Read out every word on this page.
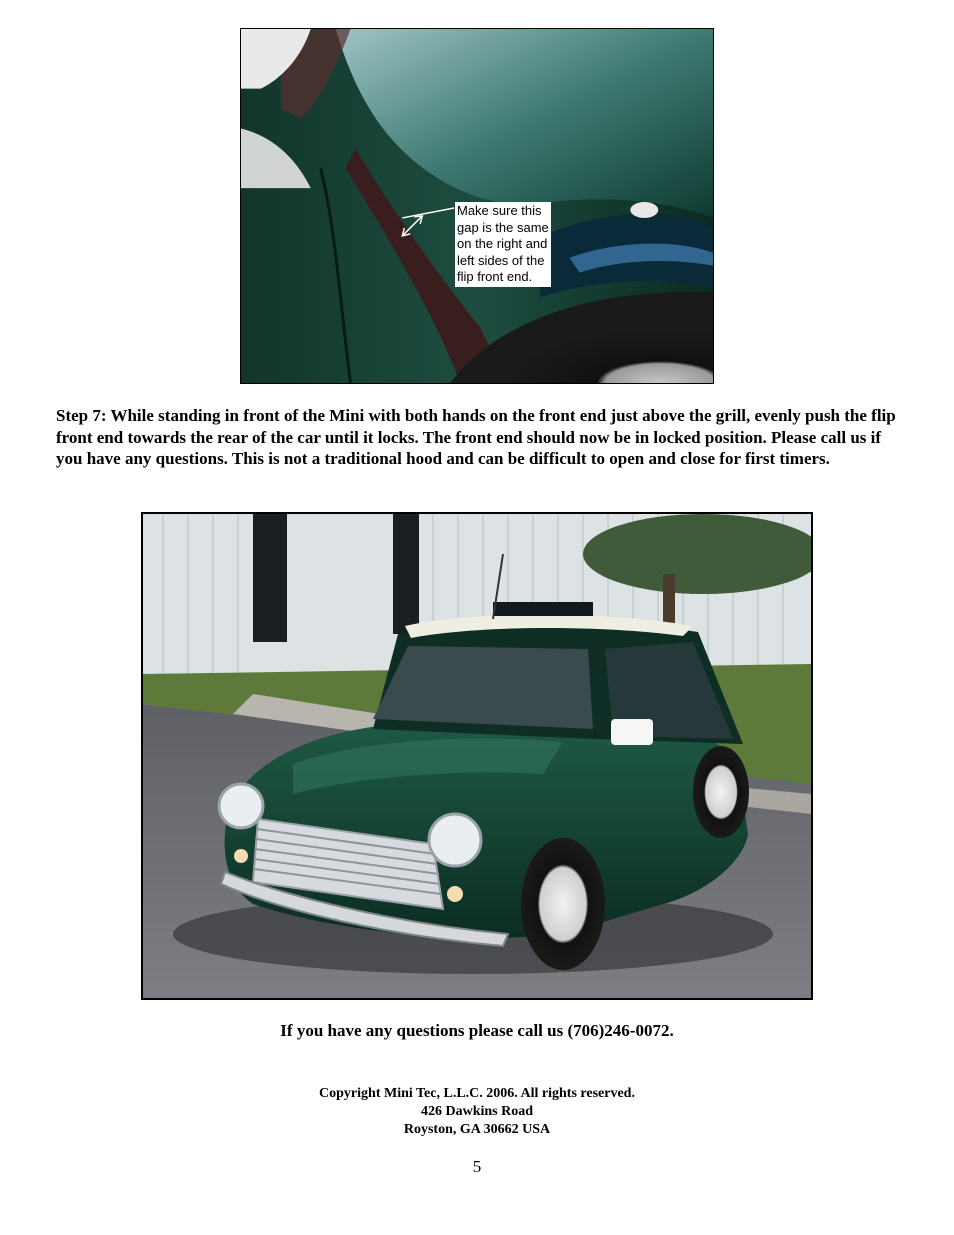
Make sure this gap is the same on the right and left sides of the flip front end.

Step 7: While standing in front of the Mini with both hands on the front end just above the grill, evenly push the flip front end towards the rear of the car until it locks. The front end should now be in locked position. Please call us if you have any questions. This is not a traditional hood and can be difficult to open and close for first timers.

If you have any questions please call us (706)246-0072.

Copyright Mini Tec, L.L.C. 2006. All rights reserved.
426 Dawkins Road
Royston, GA 30662 USA
5
